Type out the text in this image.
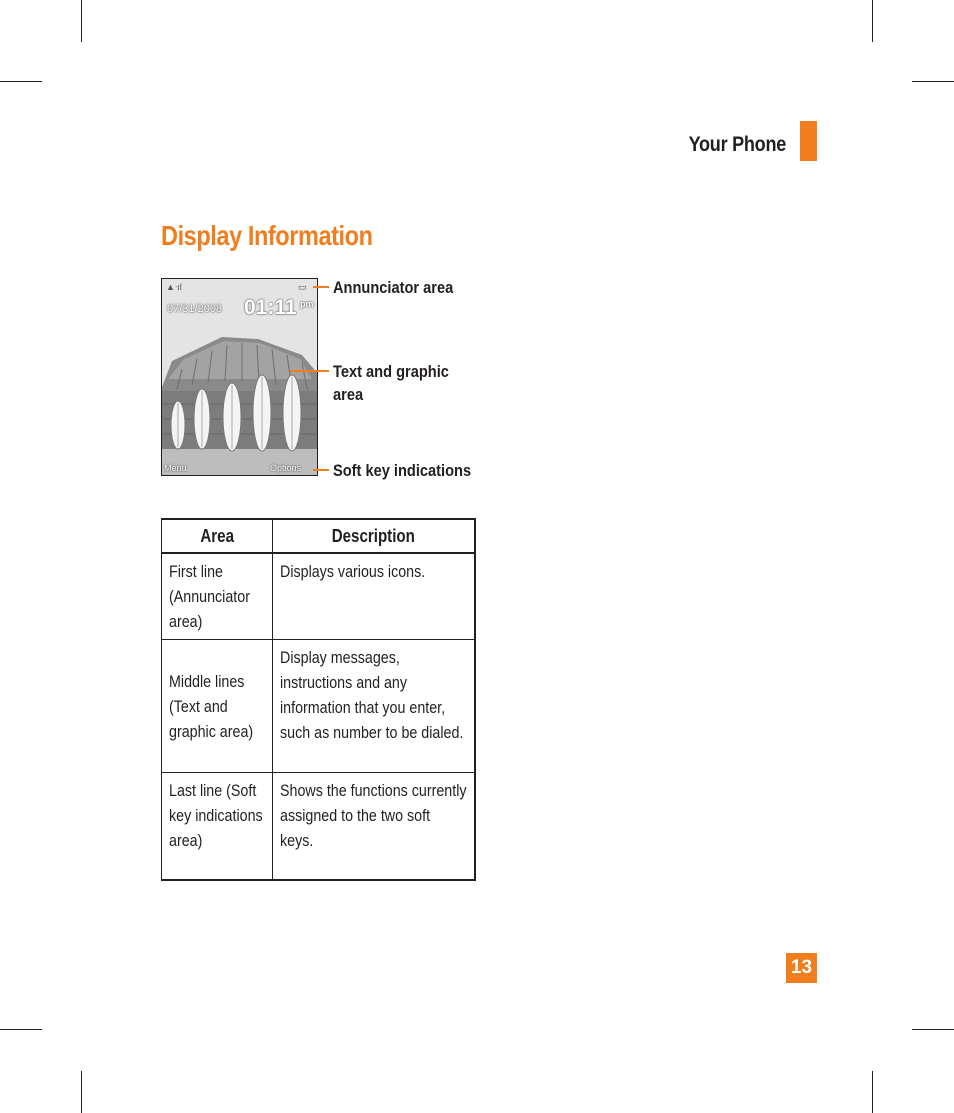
Your Phone
Display Information
▲ᐧıl	▭
07/31/2008 01:11 pm
Menu	Options
Annunciator area
Text and graphic area
Soft key indications
Area	Description

First line (Annunciator area)	Displays various icons.

Middle lines (Text and graphic area)	Display messages, instructions and any information that you enter, such as number to be dialed.

Last line (Soft key indications area)	Shows the functions currently assigned to the two soft keys.
13
